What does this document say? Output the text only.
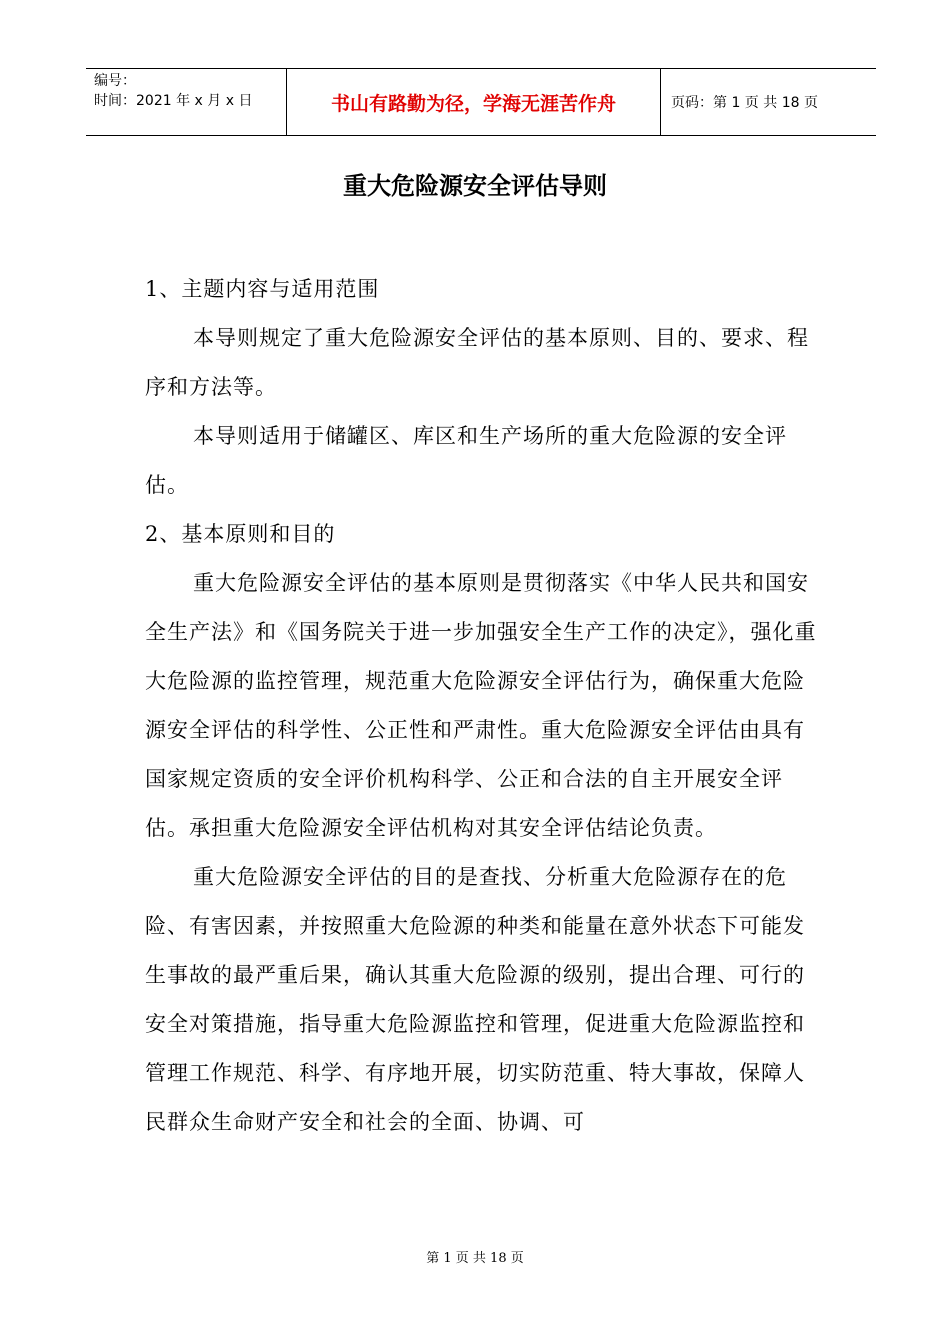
编号：
时间：2021 年 x 月 x 日	书山有路勤为径，学海无涯苦作舟	页码：第 1 页 共 18 页
重大危险源安全评估导则

1、主题内容与适用范围

本导则规定了重大危险源安全评估的基本原则、目的、要求、程序和方法等。

本导则适用于储罐区、库区和生产场所的重大危险源的安全评估。

2、基本原则和目的

重大危险源安全评估的基本原则是贯彻落实《中华人民共和国安全生产法》和《国务院关于进一步加强安全生产工作的决定》，强化重大危险源的监控管理，规范重大危险源安全评估行为，确保重大危险源安全评估的科学性、公正性和严肃性。重大危险源安全评估由具有国家规定资质的安全评价机构科学、公正和合法的自主开展安全评估。承担重大危险源安全评估机构对其安全评估结论负责。

重大危险源安全评估的目的是查找、分析重大危险源存在的危险、有害因素，并按照重大危险源的种类和能量在意外状态下可能发生事故的最严重后果，确认其重大危险源的级别，提出合理、可行的安全对策措施，指导重大危险源监控和管理，促进重大危险源监控和管理工作规范、科学、有序地开展，切实防范重、特大事故，保障人民群众生命财产安全和社会的全面、协调、可

第 1 页 共 18 页
